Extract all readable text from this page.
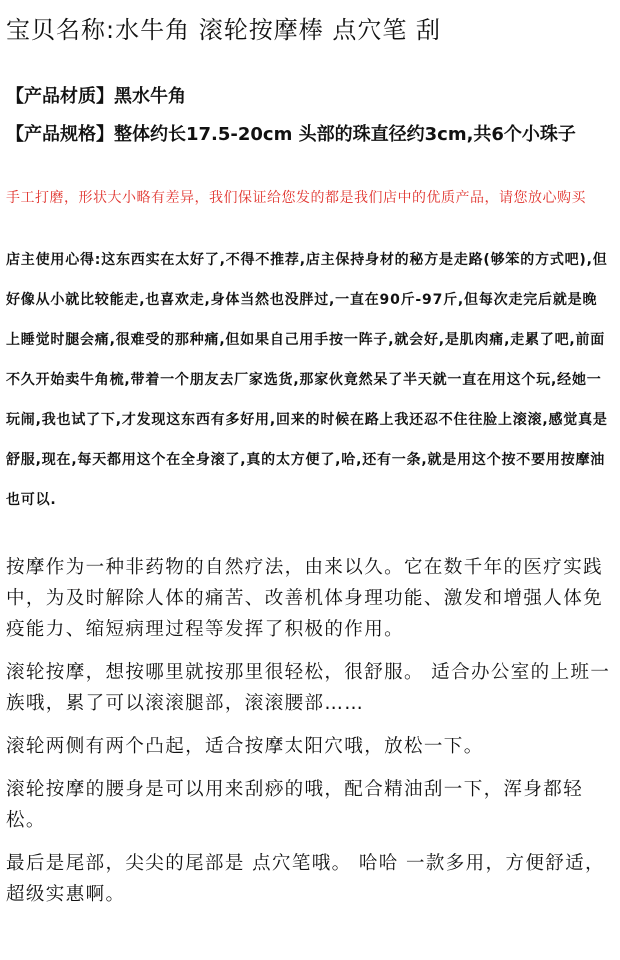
宝贝名称:水牛角 滚轮按摩棒 点穴笔 刮

【产品材质】黑水牛角

【产品规格】整体约长17.5-20cm 头部的珠直径约3cm,共6个小珠子

手工打磨，形状大小略有差异，我们保证给您发的都是我们店中的优质产品，请您放心购买

店主使用心得:这东西实在太好了,不得不推荐,店主保持身材的秘方是走路(够笨的方式吧),但好像从小就比较能走,也喜欢走,身体当然也没胖过,一直在90斤-97斤,但每次走完后就是晚上睡觉时腿会痛,很难受的那种痛,但如果自己用手按一阵子,就会好,是肌肉痛,走累了吧,前面不久开始卖牛角梳,带着一个朋友去厂家选货,那家伙竟然呆了半天就一直在用这个玩,经她一玩闹,我也试了下,才发现这东西有多好用,回来的时候在路上我还忍不住往脸上滚滚,感觉真是舒服,现在,每天都用这个在全身滚了,真的太方便了,哈,还有一条,就是用这个按不要用按摩油也可以.

按摩作为一种非药物的自然疗法，由来以久。它在数千年的医疗实践中，为及时解除人体的痛苦、改善机体身理功能、激发和增强人体免疫能力、缩短病理过程等发挥了积极的作用。

滚轮按摩，想按哪里就按那里很轻松，很舒服。 适合办公室的上班一族哦，累了可以滚滚腿部，滚滚腰部……

滚轮两侧有两个凸起，适合按摩太阳穴哦，放松一下。

滚轮按摩的腰身是可以用来刮痧的哦，配合精油刮一下，浑身都轻松。

最后是尾部，尖尖的尾部是 点穴笔哦。 哈哈 一款多用，方便舒适，超级实惠啊。
